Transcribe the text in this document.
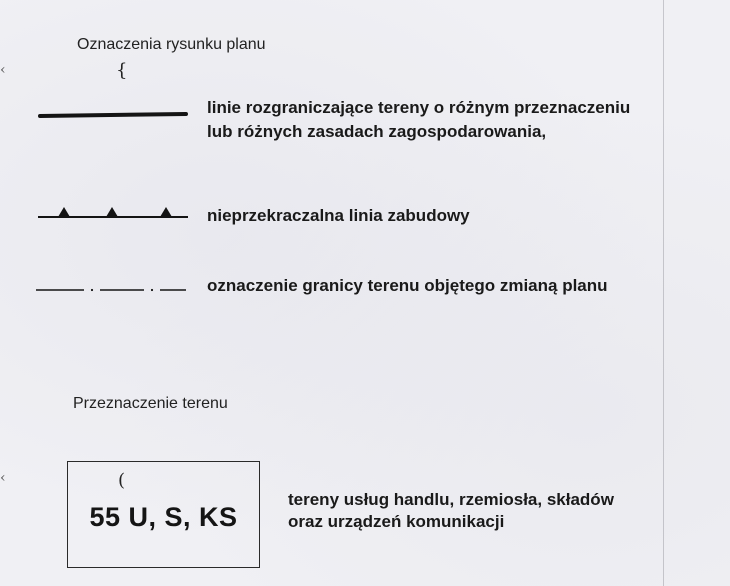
‹
‹
Oznaczenia rysunku planu
{
linie rozgraniczające tereny o różnym przeznaczeniu
lub różnych zasadach zagospodarowania,
nieprzekraczalna linia zabudowy
oznaczenie granicy terenu objętego zmianą planu
Przeznaczenie terenu
(
55 U, S, KS
tereny usług handlu, rzemiosła, składów
oraz urządzeń komunikacji
